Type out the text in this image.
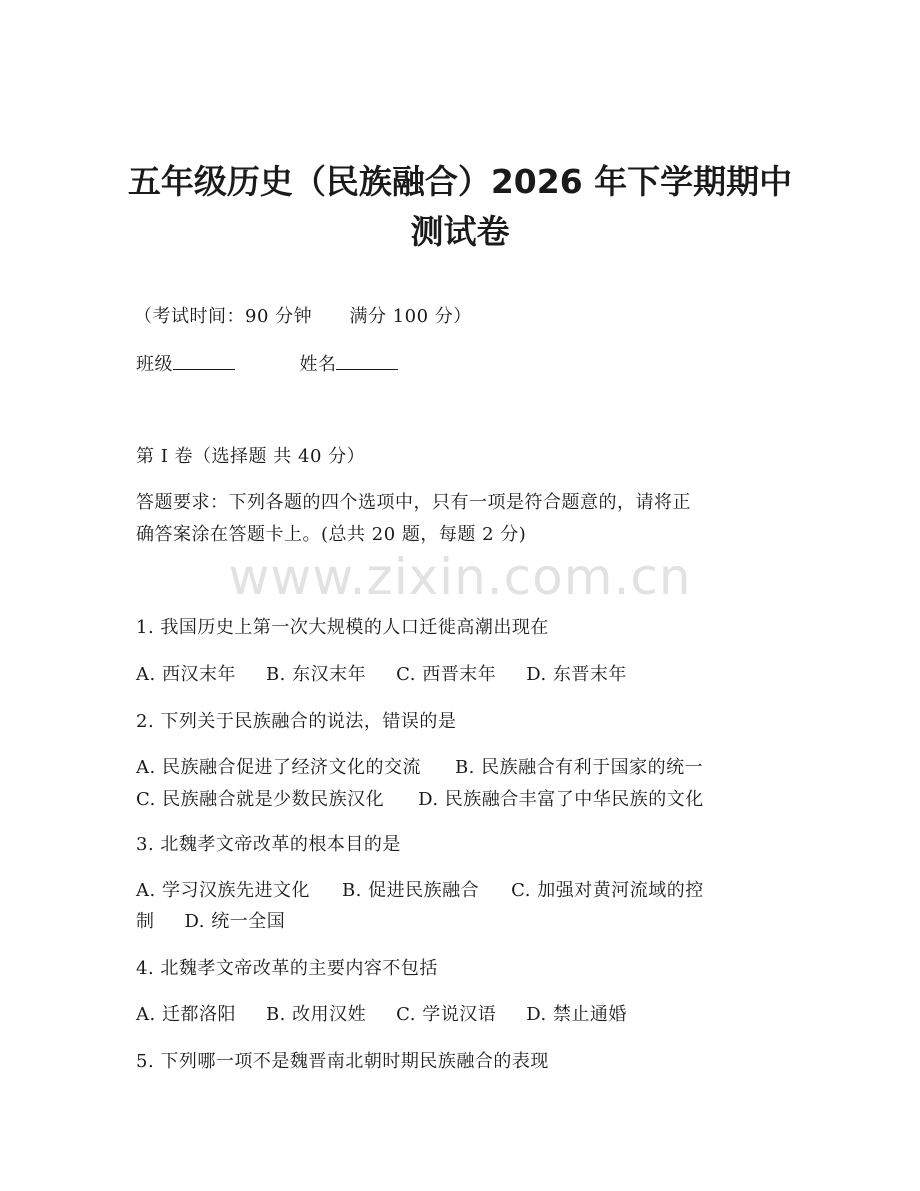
五年级历史（民族融合）2026 年下学期期中
测试卷
（考试时间：90 分钟      满分 100 分）
班级	姓名
第 I 卷（选择题 共 40 分）
答题要求：下列各题的四个选项中，只有一项是符合题意的，请将正
确答案涂在答题卡上。(总共 20 题，每题 2 分)
www.zixin.com.cn
1. 我国历史上第一次大规模的人口迁徙高潮出现在
A. 西汉末年 B. 东汉末年 C. 西晋末年 D. 东晋末年
2. 下列关于民族融合的说法，错误的是
A. 民族融合促进了经济文化的交流 B. 民族融合有利于国家的统一
C. 民族融合就是少数民族汉化 D. 民族融合丰富了中华民族的文化
3. 北魏孝文帝改革的根本目的是
A. 学习汉族先进文化 B. 促进民族融合 C. 加强对黄河流域的控
制 D. 统一全国
4. 北魏孝文帝改革的主要内容不包括
A. 迁都洛阳 B. 改用汉姓 C. 学说汉语 D. 禁止通婚
5. 下列哪一项不是魏晋南北朝时期民族融合的表现
